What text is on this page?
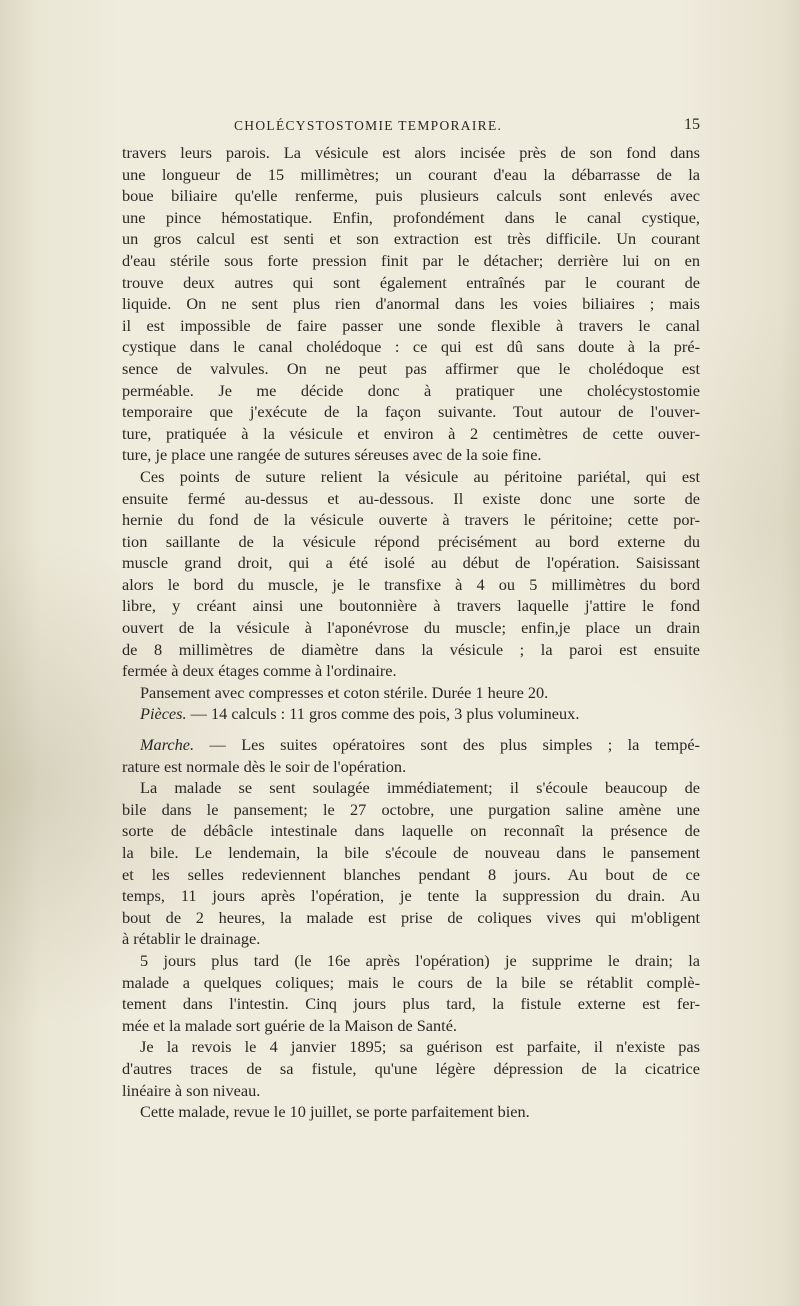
CHOLÉCYSTOSTOMIE TEMPORAIRE.	15
travers leurs parois. La vésicule est alors incisée près de son fond dans
une longueur de 15 millimètres; un courant d'eau la débarrasse de la
boue biliaire qu'elle renferme, puis plusieurs calculs sont enlevés avec
une pince hémostatique. Enfin, profondément dans le canal cystique,
un gros calcul est senti et son extraction est très difficile. Un courant
d'eau stérile sous forte pression finit par le détacher; derrière lui on en
trouve deux autres qui sont également entraînés par le courant de
liquide. On ne sent plus rien d'anormal dans les voies biliaires ; mais
il est impossible de faire passer une sonde flexible à travers le canal
cystique dans le canal cholédoque : ce qui est dû sans doute à la pré-
sence de valvules. On ne peut pas affirmer que le cholédoque est
perméable. Je me décide donc à pratiquer une cholécystostomie
temporaire que j'exécute de la façon suivante. Tout autour de l'ouver-
ture, pratiquée à la vésicule et environ à 2 centimètres de cette ouver-
ture, je place une rangée de sutures séreuses avec de la soie fine.
Ces points de suture relient la vésicule au péritoine pariétal, qui est
ensuite fermé au-dessus et au-dessous. Il existe donc une sorte de
hernie du fond de la vésicule ouverte à travers le péritoine; cette por-
tion saillante de la vésicule répond précisément au bord externe du
muscle grand droit, qui a été isolé au début de l'opération. Saisissant
alors le bord du muscle, je le transfixe à 4 ou 5 millimètres du bord
libre, y créant ainsi une boutonnière à travers laquelle j'attire le fond
ouvert de la vésicule à l'aponévrose du muscle; enfin,je place un drain
de 8 millimètres de diamètre dans la vésicule ; la paroi est ensuite
fermée à deux étages comme à l'ordinaire.
Pansement avec compresses et coton stérile. Durée 1 heure 20.
Pièces. — 14 calculs : 11 gros comme des pois, 3 plus volumineux.
Marche. — Les suites opératoires sont des plus simples ; la tempé-
rature est normale dès le soir de l'opération.
La malade se sent soulagée immédiatement; il s'écoule beaucoup de
bile dans le pansement; le 27 octobre, une purgation saline amène une
sorte de débâcle intestinale dans laquelle on reconnaît la présence de
la bile. Le lendemain, la bile s'écoule de nouveau dans le pansement
et les selles redeviennent blanches pendant 8 jours. Au bout de ce
temps, 11 jours après l'opération, je tente la suppression du drain. Au
bout de 2 heures, la malade est prise de coliques vives qui m'obligent
à rétablir le drainage.
5 jours plus tard (le 16e après l'opération) je supprime le drain; la
malade a quelques coliques; mais le cours de la bile se rétablit complè-
tement dans l'intestin. Cinq jours plus tard, la fistule externe est fer-
mée et la malade sort guérie de la Maison de Santé.
Je la revois le 4 janvier 1895; sa guérison est parfaite, il n'existe pas
d'autres traces de sa fistule, qu'une légère dépression de la cicatrice
linéaire à son niveau.
Cette malade, revue le 10 juillet, se porte parfaitement bien.
